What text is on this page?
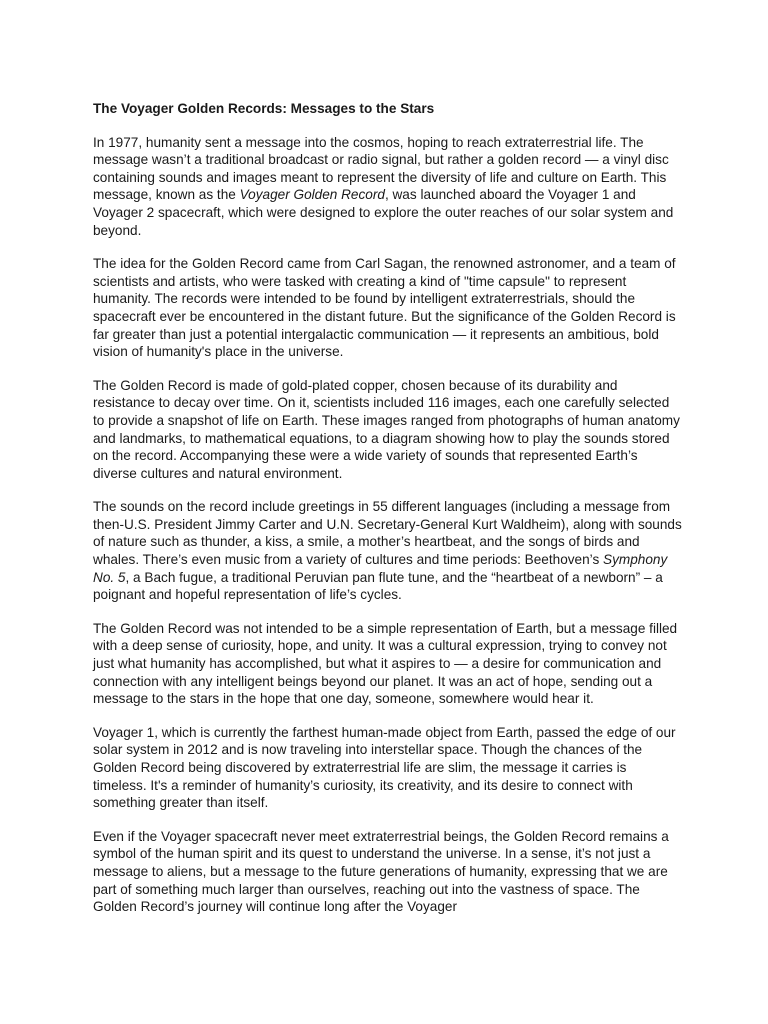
The Voyager Golden Records: Messages to the Stars

In 1977, humanity sent a message into the cosmos, hoping to reach extraterrestrial life. The message wasn’t a traditional broadcast or radio signal, but rather a golden record — a vinyl disc containing sounds and images meant to represent the diversity of life and culture on Earth. This message, known as the Voyager Golden Record, was launched aboard the Voyager 1 and Voyager 2 spacecraft, which were designed to explore the outer reaches of our solar system and beyond.

The idea for the Golden Record came from Carl Sagan, the renowned astronomer, and a team of scientists and artists, who were tasked with creating a kind of "time capsule" to represent humanity. The records were intended to be found by intelligent extraterrestrials, should the spacecraft ever be encountered in the distant future. But the significance of the Golden Record is far greater than just a potential intergalactic communication — it represents an ambitious, bold vision of humanity's place in the universe.

The Golden Record is made of gold-plated copper, chosen because of its durability and resistance to decay over time. On it, scientists included 116 images, each one carefully selected to provide a snapshot of life on Earth. These images ranged from photographs of human anatomy and landmarks, to mathematical equations, to a diagram showing how to play the sounds stored on the record. Accompanying these were a wide variety of sounds that represented Earth’s diverse cultures and natural environment.

The sounds on the record include greetings in 55 different languages (including a message from then-U.S. President Jimmy Carter and U.N. Secretary-General Kurt Waldheim), along with sounds of nature such as thunder, a kiss, a smile, a mother’s heartbeat, and the songs of birds and whales. There’s even music from a variety of cultures and time periods: Beethoven’s Symphony No. 5, a Bach fugue, a traditional Peruvian pan flute tune, and the “heartbeat of a newborn” – a poignant and hopeful representation of life’s cycles.

The Golden Record was not intended to be a simple representation of Earth, but a message filled with a deep sense of curiosity, hope, and unity. It was a cultural expression, trying to convey not just what humanity has accomplished, but what it aspires to — a desire for communication and connection with any intelligent beings beyond our planet. It was an act of hope, sending out a message to the stars in the hope that one day, someone, somewhere would hear it.

Voyager 1, which is currently the farthest human-made object from Earth, passed the edge of our solar system in 2012 and is now traveling into interstellar space. Though the chances of the Golden Record being discovered by extraterrestrial life are slim, the message it carries is timeless. It's a reminder of humanity’s curiosity, its creativity, and its desire to connect with something greater than itself.

Even if the Voyager spacecraft never meet extraterrestrial beings, the Golden Record remains a symbol of the human spirit and its quest to understand the universe. In a sense, it’s not just a message to aliens, but a message to the future generations of humanity, expressing that we are part of something much larger than ourselves, reaching out into the vastness of space. The Golden Record’s journey will continue long after the Voyager
